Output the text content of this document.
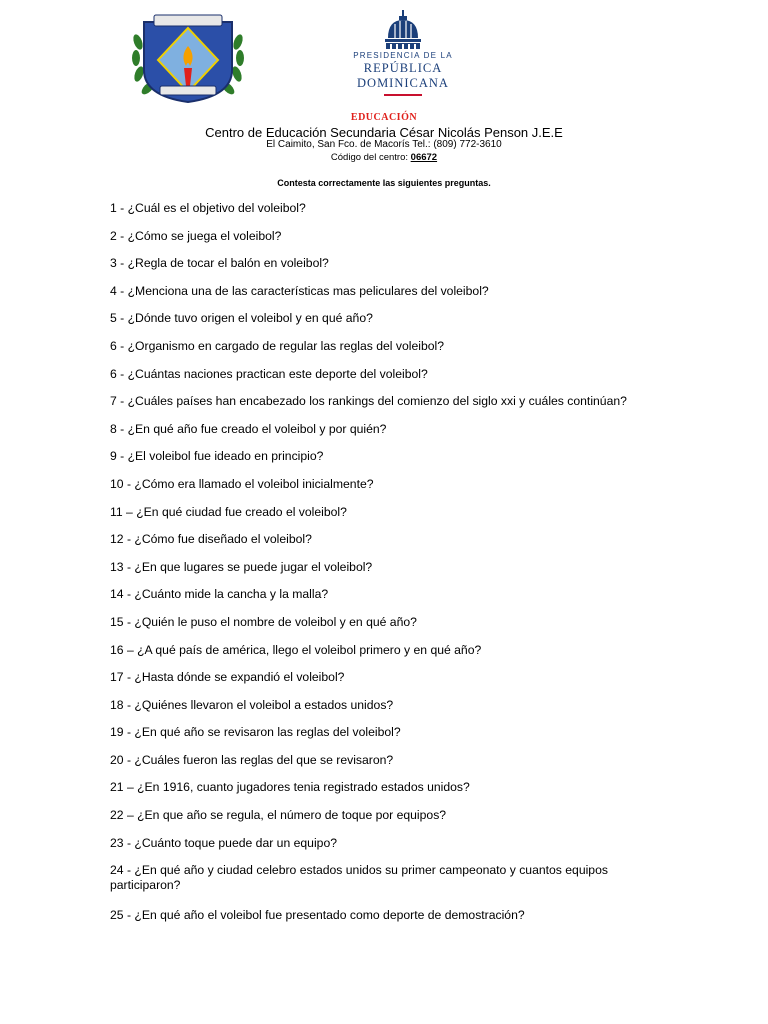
PRESIDENCIA DE LA
REPÚBLICA DOMINICANA
EDUCACIÓN
Centro de Educación Secundaria César Nicolás Penson J.E.E
El Caimito, San Fco. de Macorís Tel.: (809) 772-3610
Código del centro: 06672
Contesta correctamente las siguientes preguntas.
1 - ¿Cuál es el objetivo del voleibol?
2 - ¿Cómo se juega el voleibol?
3 - ¿Regla de tocar el balón en voleibol?
4 - ¿Menciona una de las características mas peliculares del voleibol?
5 - ¿Dónde tuvo origen el voleibol y en qué año?
6 - ¿Organismo en cargado de regular las reglas del voleibol?
6 - ¿Cuántas naciones practican este deporte del voleibol?
7 - ¿Cuáles países han encabezado los rankings del comienzo del siglo xxi y cuáles continúan?
8 - ¿En qué año fue creado el voleibol y por quién?
9 - ¿El voleibol fue ideado en principio?
10 - ¿Cómo era llamado el voleibol inicialmente?
11 – ¿En qué ciudad fue creado el voleibol?
12 - ¿Cómo fue diseñado el voleibol?
13 - ¿En que lugares se puede jugar el voleibol?
14 - ¿Cuánto mide la cancha y la malla?
15 - ¿Quién le puso el nombre de voleibol y en qué año?
16 – ¿A qué país de américa, llego el voleibol primero y en qué año?
17 - ¿Hasta dónde se expandió el voleibol?
18 - ¿Quiénes llevaron el voleibol a estados unidos?
19 - ¿En qué año se revisaron las reglas del voleibol?
20 - ¿Cuáles fueron las reglas del que se revisaron?
21 – ¿En 1916, cuanto jugadores tenia registrado estados unidos?
22 – ¿En que año se regula, el número de toque por equipos?
23 - ¿Cuánto toque puede dar un equipo?
24 - ¿En qué año y ciudad celebro estados unidos su primer campeonato y cuantos equipos participaron?
25 - ¿En qué año el voleibol fue presentado como deporte de demostración?
